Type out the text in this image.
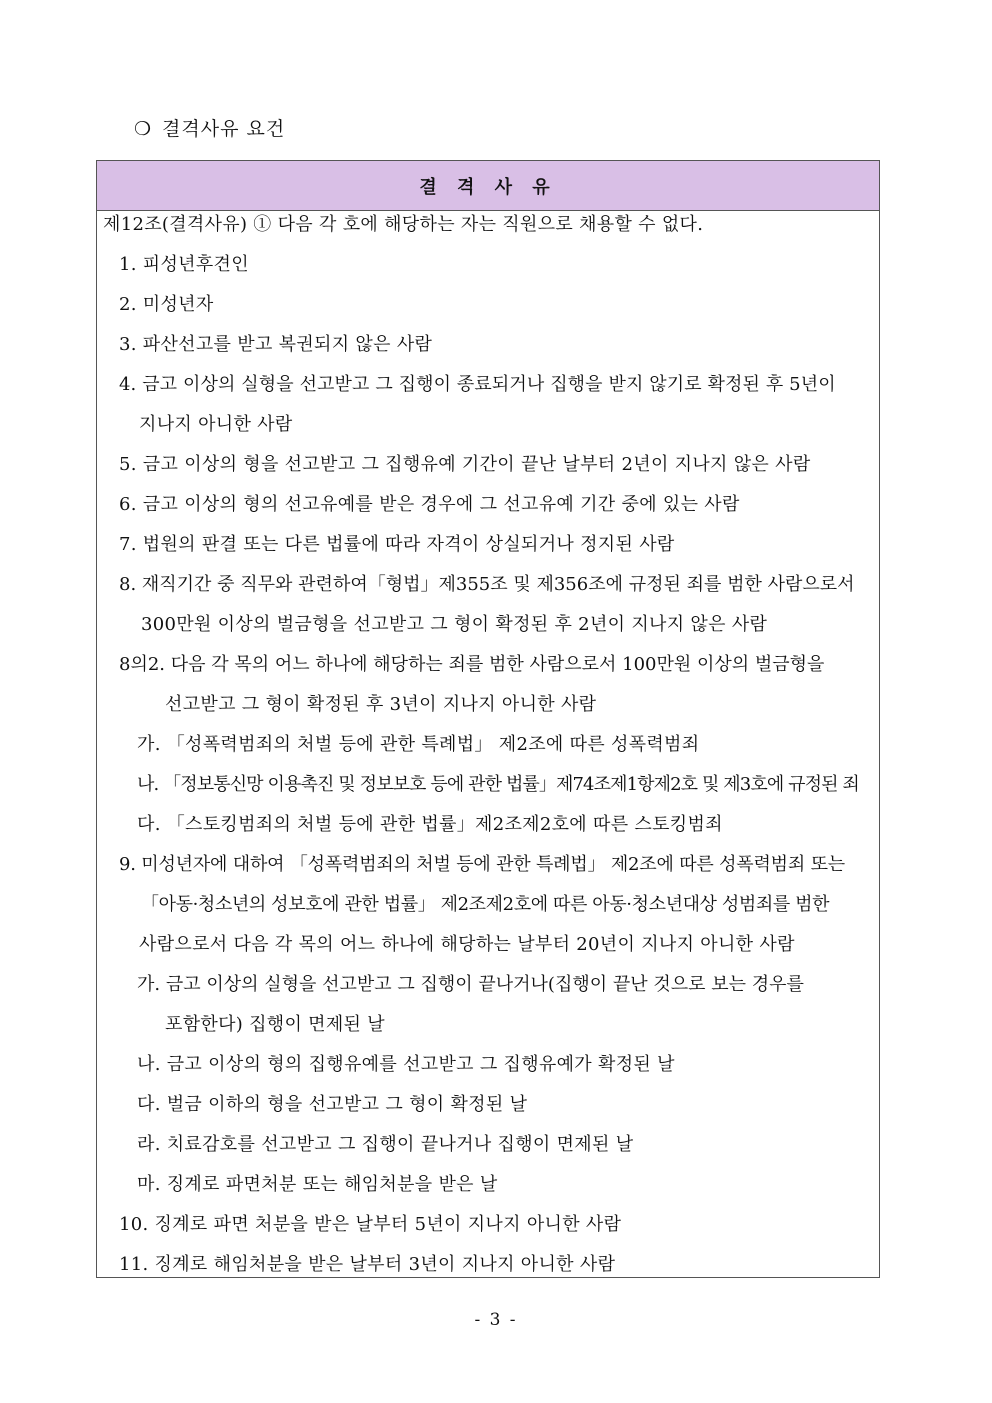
❍ 결격사유 요건
결 격 사 유
제12조(결격사유) ① 다음 각 호에 해당하는 자는 직원으로 채용할 수 없다.
1. 피성년후견인
2. 미성년자
3. 파산선고를 받고 복권되지 않은 사람
4. 금고 이상의 실형을 선고받고 그 집행이 종료되거나 집행을 받지 않기로 확정된 후 5년이
지나지 아니한 사람
5. 금고 이상의 형을 선고받고 그 집행유예 기간이 끝난 날부터 2년이 지나지 않은 사람
6. 금고 이상의 형의 선고유예를 받은 경우에 그 선고유예 기간 중에 있는 사람
7. 법원의 판결 또는 다른 법률에 따라 자격이 상실되거나 정지된 사람
8. 재직기간 중 직무와 관련하여「형법」제355조 및 제356조에 규정된 죄를 범한 사람으로서
300만원 이상의 벌금형을 선고받고 그 형이 확정된 후 2년이 지나지 않은 사람
8의2. 다음 각 목의 어느 하나에 해당하는 죄를 범한 사람으로서 100만원 이상의 벌금형을
선고받고 그 형이 확정된 후 3년이 지나지 아니한 사람
가. 「성폭력범죄의 처벌 등에 관한 특례법」 제2조에 따른 성폭력범죄
나. 「정보통신망 이용촉진 및 정보보호 등에 관한 법률」제74조제1항제2호 및 제3호에 규정된 죄
다. 「스토킹범죄의 처벌 등에 관한 법률」제2조제2호에 따른 스토킹범죄
9. 미성년자에 대하여 「성폭력범죄의 처벌 등에 관한 특례법」 제2조에 따른 성폭력범죄 또는
「아동·청소년의 성보호에 관한 법률」 제2조제2호에 따른 아동·청소년대상 성범죄를 범한
사람으로서 다음 각 목의 어느 하나에 해당하는 날부터 20년이 지나지 아니한 사람
가. 금고 이상의 실형을 선고받고 그 집행이 끝나거나(집행이 끝난 것으로 보는 경우를
포함한다) 집행이 면제된 날
나. 금고 이상의 형의 집행유예를 선고받고 그 집행유예가 확정된 날
다. 벌금 이하의 형을 선고받고 그 형이 확정된 날
라. 치료감호를 선고받고 그 집행이 끝나거나 집행이 면제된 날
마. 징계로 파면처분 또는 해임처분을 받은 날
10. 징계로 파면 처분을 받은 날부터 5년이 지나지 아니한 사람
11. 징계로 해임처분을 받은 날부터 3년이 지나지 아니한 사람
- 3 -
